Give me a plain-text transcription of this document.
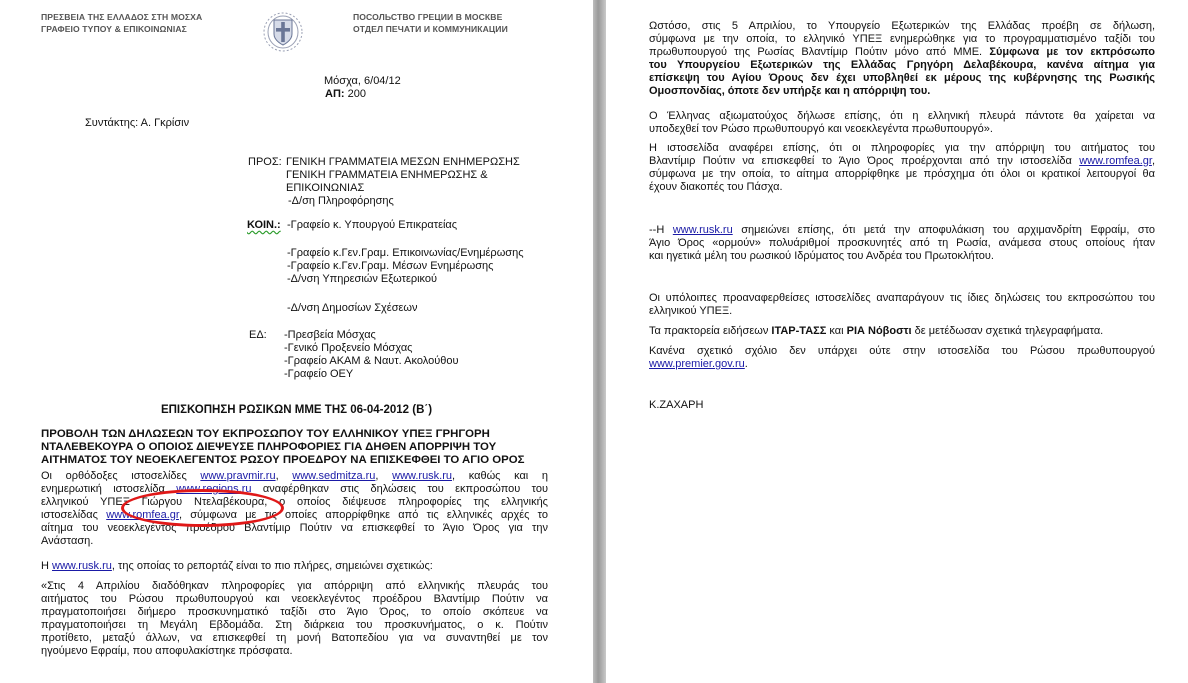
ΠΡΕΣΒΕΙΑ ΤΗΣ ΕΛΛΑΔΟΣ ΣΤΗ ΜΟΣΧΑ
ΓΡΑΦΕΙΟ ΤΥΠΟΥ & ΕΠΙΚΟΙΝΩΝΙΑΣ
ПОСОЛЬСТВО ГРЕЦИИ В МОСКВЕ
ОТДЕЛ ПЕЧАТИ И КОММУНИКАЦИИ
Μόσχα, 6/04/12
ΑΠ: 200
Συντάκτης: Α. Γκρίσιν
ΠΡΟΣ: ΓΕΝΙΚΗ ΓΡΑΜΜΑΤΕΙΑ ΜΕΣΩΝ ΕΝΗΜΕΡΩΣΗΣ
ΓΕΝΙΚΗ ΓΡΑΜΜΑΤΕΙΑ ΕΝΗΜΕΡΩΣΗΣ &
ΕΠΙΚΟΙΝΩΝΙΑΣ
-Δ/ση Πληροφόρησης
ΚΟΙΝ.: -Γραφείο κ. Υπουργού Επικρατείας
-Γραφείο κ.Γεν.Γραμ. Επικοινωνίας/Ενημέρωσης
-Γραφείο κ.Γεν.Γραμ. Μέσων Ενημέρωσης
-Δ/νση Υπηρεσιών Εξωτερικού
-Δ/νση Δημοσίων Σχέσεων
ΕΔ: -Πρεσβεία Μόσχας
-Γενικό Προξενείο Μόσχας
-Γραφείο ΑΚΑΜ & Ναυτ. Ακολούθου
-Γραφείο ΟΕΥ
ΕΠΙΣΚΟΠΗΣΗ ΡΩΣΙΚΩΝ ΜΜΕ ΤΗΣ 06-04-2012 (Β΄)
ΠΡΟΒΟΛΗ ΤΩΝ ΔΗΛΩΣΕΩΝ ΤΟΥ ΕΚΠΡΟΣΩΠΟΥ ΤΟΥ ΕΛΛΗΝΙΚΟΥ ΥΠΕΞ ΓΡΗΓΟΡΗ
ΝΤΑΛΕΒΕΚΟΥΡΑ Ο ΟΠΟΙΟΣ ΔΙΕΨΕΥΣΕ ΠΛΗΡΟΦΟΡΙΕΣ ΓΙΑ ΔΗΘΕΝ ΑΠΟΡΡΙΨΗ ΤΟΥ
ΑΙΤΗΜΑΤΟΣ ΤΟΥ ΝΕΟΕΚΛΕΓΕΝΤΟΣ ΡΩΣΟΥ ΠΡΟΕΔΡΟΥ ΝΑ ΕΠΙΣΚΕΦΘΕΙ ΤΟ ΑΓΙΟ ΟΡΟΣ
Οι ορθόδοξες ιστοσελίδες www.pravmir.ru, www.sedmitza.ru, www.rusk.ru, καθώς και η
ενημερωτική ιστοσελίδα www.regions.ru αναφέρθηκαν στις δηλώσεις του εκπροσώπου του
ελληνικού ΥΠΕΞ Γιώργου Ντελαβέκουρα, ο οποίος διέψευσε πληροφορίες της ελληνικής
ιστοσελίδας www.romfea.gr, σύμφωνα με τις οποίες απορρίφθηκε από τις ελληνικές αρχές το
αίτημα του νεοεκλεγέντος προέδρου Βλαντίμιρ Πούτιν να επισκεφθεί το Άγιο Όρος για την
Ανάσταση.
Η www.rusk.ru, της οποίας το ρεπορτάζ είναι το πιο πλήρες, σημειώνει σχετικώς:
«Στις 4 Απριλίου διαδόθηκαν πληροφορίες για απόρριψη από ελληνικής πλευράς του
αιτήματος του Ρώσου πρωθυπουργού και νεοεκλεγέντος προέδρου Βλαντίμιρ Πούτιν να
πραγματοποιήσει διήμερο προσκυνηματικό ταξίδι στο Άγιο Όρος, το οποίο σκόπευε να
πραγματοποιήσει τη Μεγάλη Εβδομάδα. Στη διάρκεια του προσκυνήματος, ο κ. Πούτιν
προτίθετο, μεταξύ άλλων, να επισκεφθεί τη μονή Βατοπεδίου για να συναντηθεί με τον
ηγούμενο Εφραίμ, που αποφυλακίστηκε πρόσφατα.
Ωστόσο, στις 5 Απριλίου, το Υπουργείο Εξωτερικών της Ελλάδας προέβη σε δήλωση,
σύμφωνα με την οποία, το ελληνικό ΥΠΕΞ ενημερώθηκε για το προγραμματισμένο ταξίδι του
πρωθυπουργού της Ρωσίας Βλαντίμιρ Πούτιν μόνο από ΜΜΕ. Σύμφωνα με τον εκπρόσωπο
του Υπουργείου Εξωτερικών της Ελλάδας Γρηγόρη Δελαβέκουρα, κανένα αίτημα για
επίσκεψη του Αγίου Όρους δεν έχει υποβληθεί εκ μέρους της κυβέρνησης της Ρωσικής
Ομοσπονδίας, όποτε δεν υπήρξε και η απόρριψη του.
Ο Έλληνας αξιωματούχος δήλωσε επίσης, ότι η ελληνική πλευρά πάντοτε θα χαίρεται να
υποδεχθεί τον Ρώσο πρωθυπουργό και νεοεκλεγέντα πρωθυπουργό».
Η ιστοσελίδα αναφέρει επίσης, ότι οι πληροφορίες για την απόρριψη του αιτήματος του
Βλαντίμιρ Πούτιν να επισκεφθεί το Άγιο Όρος προέρχονται από την ιστοσελίδα www.romfea.gr,
σύμφωνα με την οποία, το αίτημα απορρίφθηκε με πρόσχημα ότι όλοι οι κρατικοί λειτουργοί θα
έχουν διακοπές του Πάσχα.
--Η www.rusk.ru σημειώνει επίσης, ότι μετά την αποφυλάκιση του αρχιμανδρίτη Εφραίμ, στο
Άγιο Όρος «ορμούν» πολυάριθμοί προσκυνητές από τη Ρωσία, ανάμεσα στους οποίους ήταν
και ηγετικά μέλη του ρωσικού Ιδρύματος του Ανδρέα του Πρωτοκλήτου.
Οι υπόλοιπες προαναφερθείσες ιστοσελίδες αναπαράγουν τις ίδιες δηλώσεις του εκπροσώπου του
ελληνικού ΥΠΕΞ.
Τα πρακτορεία ειδήσεων ΙΤΑΡ-ΤΑΣΣ και ΡΙΑ Νόβοστι δε μετέδωσαν σχετικά τηλεγραφήματα.
Κανένα σχετικό σχόλιο δεν υπάρχει ούτε στην ιστοσελίδα του Ρώσου πρωθυπουργού
www.premier.gov.ru.
Κ.ΖΑΧΑΡΗ
